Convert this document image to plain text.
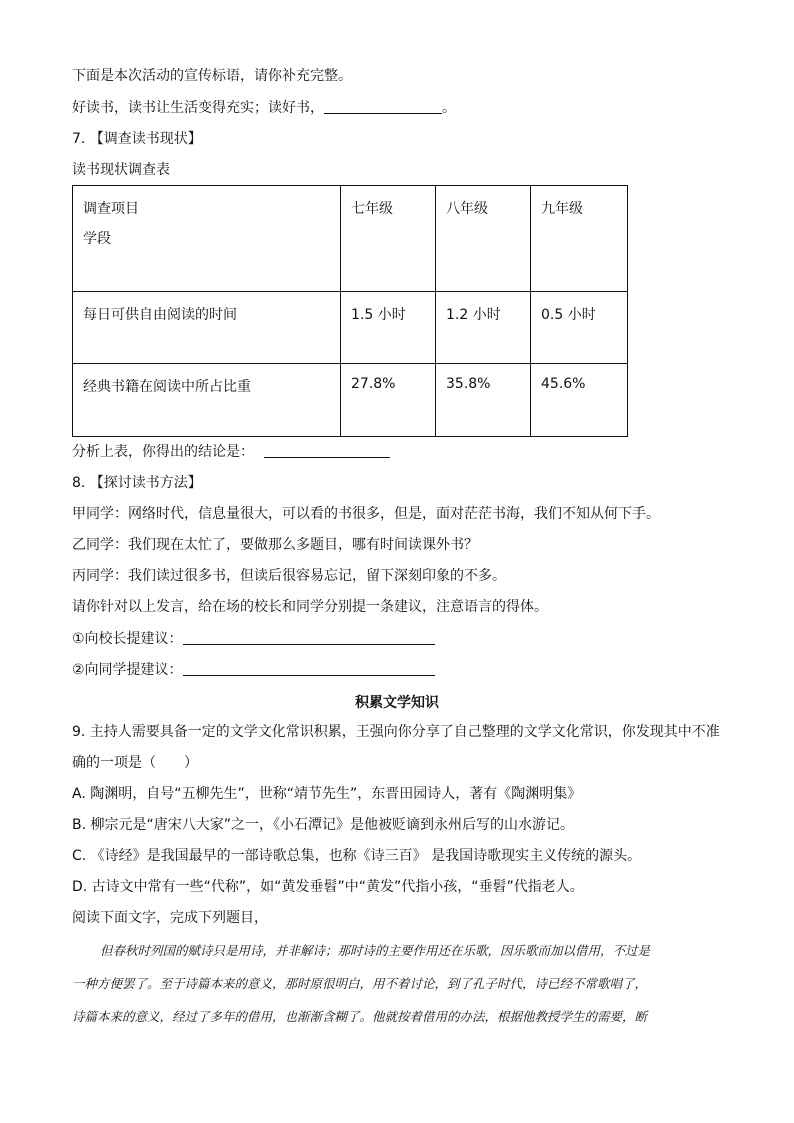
下面是本次活动的宣传标语，请你补充完整。
好读书，读书让生活变得充实；读好书，	。
7. 【调查读书现状】
读书现状调查表
调查项目
学段	七年级	八年级	九年级
每日可供自由阅读的时间	1.5 小时	1.2 小时	0.5 小时
经典书籍在阅读中所占比重	27.8%	35.8%	45.6%
分析上表，你得出的结论是：
8. 【探讨读书方法】
甲同学：网络时代，信息量很大，可以看的书很多，但是，面对茫茫书海，我们不知从何下手。
乙同学：我们现在太忙了，要做那么多题目，哪有时间读课外书？
丙同学：我们读过很多书，但读后很容易忘记，留下深刻印象的不多。
请你针对以上发言，给在场的校长和同学分别提一条建议，注意语言的得体。
①向校长提建议：
②向同学提建议：
积累文学知识
9. 主持人需要具备一定的文学文化常识积累，王强向你分享了自己整理的文学文化常识，你发现其中不准
确的一项是（　　）
A. 陶渊明，自号“五柳先生”，世称“靖节先生”，东晋田园诗人，著有《陶渊明集》
B. 柳宗元是“唐宋八大家”之一，《小石潭记》是他被贬谪到永州后写的山水游记。
C. 《诗经》是我国最早的一部诗歌总集，也称《诗三百》 是我国诗歌现实主义传统的源头。
D. 古诗文中常有一些“代称”，如“黄发垂髫”中“黄发”代指小孩，“垂髫”代指老人。
阅读下面文字，完成下列题目，
但春秋时列国的赋诗只是用诗，并非解诗；那时诗的主要作用还在乐歌，因乐歌而加以借用，不过是
一种方便罢了。至于诗篇本来的意义，那时原很明白，用不着讨论，到了孔子时代，诗已经不常歌唱了，
诗篇本来的意义，经过了多年的借用，也渐渐含糊了。他就按着借用的办法，根据他教授学生的需要，断
